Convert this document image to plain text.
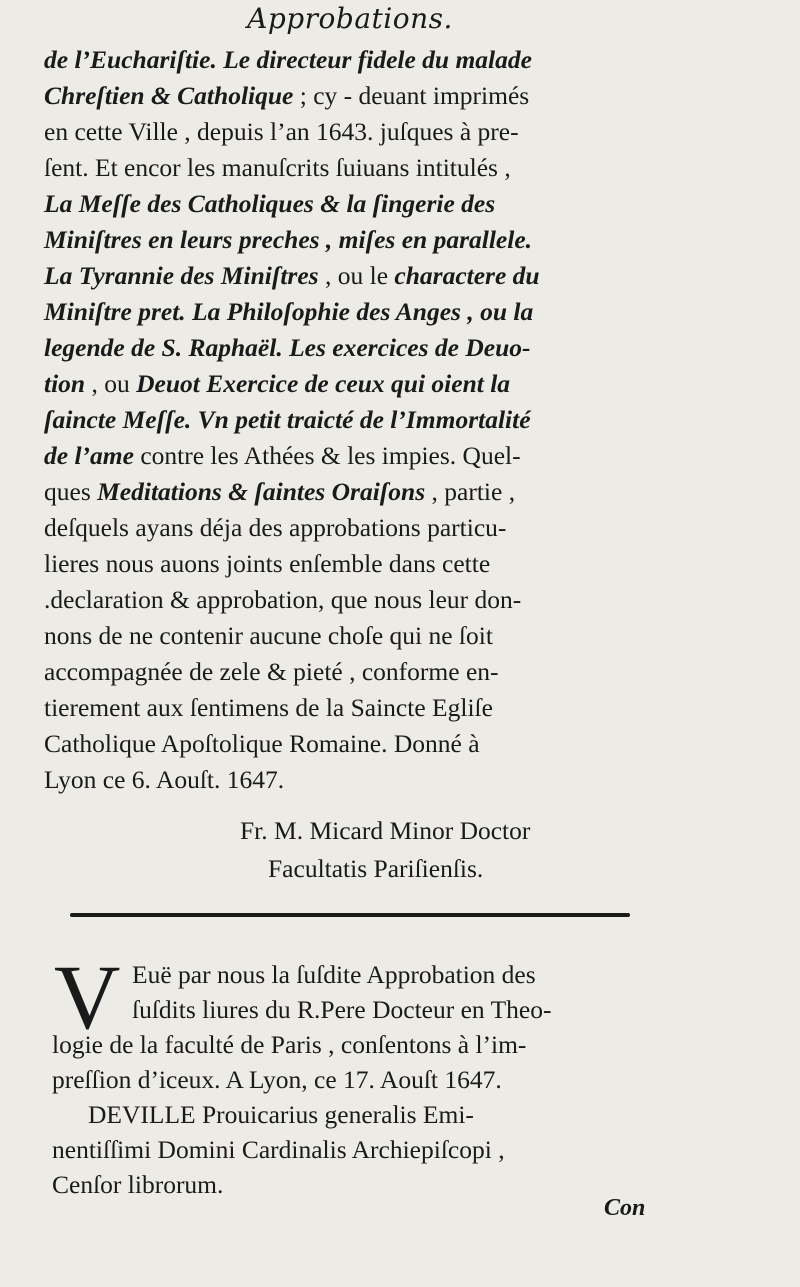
Approbations.
de l’Euchariſtie. Le directeur fidele du malade
Chreſtien & Catholique ; cy - deuant imprimés
en cette Ville , depuis l’an 1643. juſques à pre-
ſent. Et encor les manuſcrits ſuiuans intitulés ,
La Meſſe des Catholiques & la ſingerie des
Miniſtres en leurs preches , miſes en parallele.
La Tyrannie des Miniſtres , ou le charactere du
Miniſtre pret. La Philoſophie des Anges , ou la
legende de S. Raphaël. Les exercices de Deuo-
tion , ou Deuot Exercice de ceux qui oient la
ſaincte Meſſe. Vn petit traicté de l’Immortalité
de l’ame contre les Athées & les impies. Quel-
ques Meditations & ſaintes Oraiſons , partie ,
deſquels ayans déja des approbations particu-
lieres nous auons joints enſemble dans cette
.declaration & approbation, que nous leur don-
nons de ne contenir aucune choſe qui ne ſoit
accompagnée de zele & pieté , conforme en-
tierement aux ſentimens de la Saincte Egliſe
Catholique Apoſtolique Romaine. Donné à
Lyon ce 6. Aouſt. 1647.
Fr. M. Micard Minor Doctor
Facultatis Pariſienſis.
V Euë par nous la ſuſdite Approbation des
ſuſdits liures du R.Pere Docteur en Theo-
logie de la faculté de Paris , conſentons à l’im-
preſſion d’iceux. A Lyon, ce 17. Aouſt 1647.
DEVILLE Prouicarius generalis Emi-
nentiſſimi Domini Cardinalis Archiepiſcopi ,
Cenſor librorum.
Con
